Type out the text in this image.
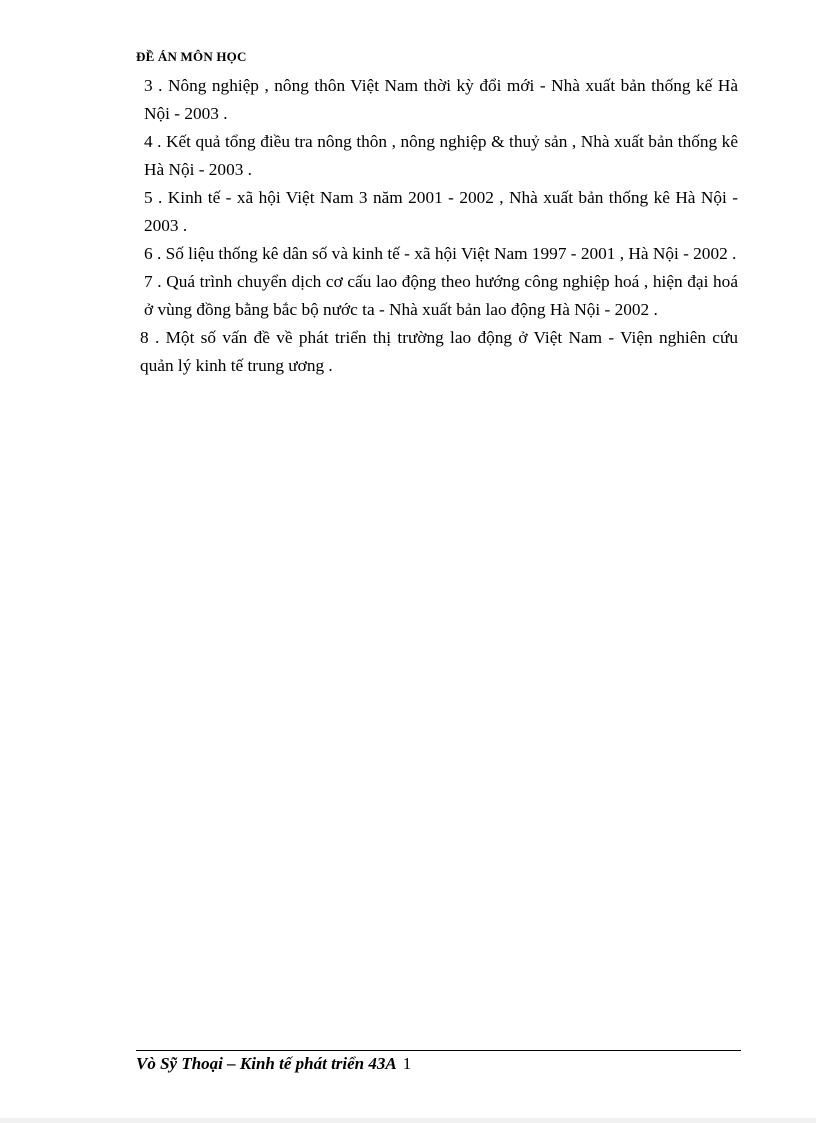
ĐỀ ÁN MÔN HỌC
3 . Nông nghiệp , nông thôn Việt Nam thời kỳ đổi mới - Nhà xuất bản thống kế Hà Nội - 2003 .
4 . Kết quả tổng điều tra nông thôn , nông nghiệp & thuỷ sản , Nhà xuất bản thống kê Hà Nội - 2003 .
5 . Kinh tế - xã hội Việt Nam 3 năm 2001 - 2002 , Nhà xuất bản thống kê Hà Nội - 2003 .
6 . Số liệu thống kê dân số và kinh tế - xã hội Việt Nam 1997 - 2001 , Hà Nội - 2002 .
7 . Quá trình chuyển dịch cơ cấu lao động theo hướng công nghiệp hoá , hiện đại hoá ở vùng đồng bằng bắc bộ nước ta - Nhà xuất bản lao động Hà Nội - 2002 .
8 . Một số vấn đề về phát triển thị trường lao động ở Việt Nam - Viện nghiên cứu quản lý kinh tế trung ương .
Vò Sỹ Thoại – Kinh tế phát triển 43A 1
